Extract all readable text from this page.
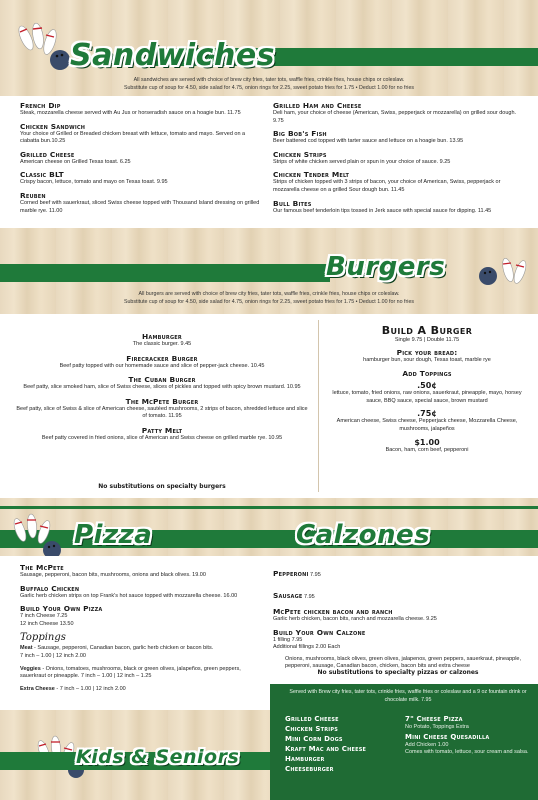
Sandwiches
All sandwiches are served with choice of brew city fries, tater tots, waffle fries, crinkle fries, house chips or coleslaw.
Substitute cup of soup for 4.50, side salad for 4.75, onion rings for 2.25, sweet potato fries for 1.75 • Deduct 1.00 for no fries
French Dip
Steak, mozzarella cheese served with Au Jus or horseradish sauce on a hoagie bun. 11.75
Chicken Sandwich
Your choice of Grilled or Breaded chicken breast with lettuce, tomato and mayo. Served on a ciabatta bun.10.25
Grilled Cheese
American cheese on Grilled Texas toast. 6.25
Classic BLT
Crispy bacon, lettuce, tomato and mayo on Texas toast. 9.95
Reuben
Corned beef with sauerkraut, sliced Swiss cheese topped with Thousand Island dressing on grilled marble rye. 11.00
Grilled Ham and Cheese
Deli ham, your choice of cheese (American, Swiss, pepperjack or mozzarella) on grilled sour dough. 9.75
Big Bob's Fish
Beer battered cod topped with tarter sauce and lettuce on a hoagie bun. 13.95
Chicken Strips
Strips of white chicken served plain or spun in your choice of sauce. 9.25
Chicken Tender Melt
Strips of chicken topped with 3 strips of bacon, your choice of American, Swiss, pepperjack or mozzarella cheese on a grilled Sour dough bun. 11.45
Bull Bites
Our famous beef tenderloin tips tossed in Jerk sauce with special sauce for dipping. 11.45
Burgers
All burgers are served with choice of brew city fries, tater tots, waffle fries, crinkle fries, house chips or coleslaw.
Substitute cup of soup for 4.50, side salad for 4.75, onion rings for 2.25, sweet potato fries for 1.75 • Deduct 1.00 for no fries
Hamburger
The classic burger. 9.45
Firecracker Burger
Beef patty topped with our homemade sauce and slice of pepper-jack cheese. 10.45
The Cuban Burger
Beef patty, slice smoked ham, slice of Swiss cheese, slices of pickles and topped with spicy brown mustard. 10.95
The McPete Burger
Beef patty, slice of Swiss & slice of American cheese, sautéed mushrooms, 2 strips of bacon, shredded lettuce and slice of tomato. 11.95
Patty Melt
Beef patty covered in fried onions, slice of American and Swiss cheese on grilled marble rye. 10.95
No substitutions on specialty burgers
Build A Burger
Single 9.75 | Double 11.75
Pick your bread:
hamburger bun, sour dough, Texas toast, marble rye
Add Toppings
.50¢
lettuce, tomato, fried onions, raw onions, sauerkraut, pineapple, mayo, horsey sauce, BBQ sauce, special sauce, brown mustard
.75¢
American cheese, Swiss cheese, Pepperjack cheese, Mozzarella Cheese, mushrooms, jalapeños
$1.00
Bacon, ham, corn beef, pepperoni
Pizza	Calzones
The McPete
Sausage, pepperoni, bacon bits, mushrooms, onions and black olives. 19.00
Buffalo Chicken
Garlic herb chicken strips on top Frank's hot sauce topped with mozzarella cheese. 16.00
Build Your Own Pizza
7 inch Cheese 7.25
12 inch Cheese 13.50
Toppings
Meat - Sausage, pepperoni, Canadian bacon, garlic herb chicken or bacon bits.
7 inch – 1.00 | 12 inch 2.00
Veggies - Onions, tomatoes, mushrooms, black or green olives, jalapeños, green peppers, sauerkraut or pineapple. 7 inch – 1.00 | 12 inch – 1.25
Extra Cheese - 7 inch – 1.00 | 12 inch 2.00
Pepperoni 7.95
Sausage 7.95
McPete chicken bacon and ranch
Garlic herb chicken, bacon bits, ranch and mozzarella cheese. 9.25
Build Your Own Calzone
1 filling 7.95
Additional fillings 2.00 Each
Onions, mushrooms, black olives, green olives, jalapenos, green peppers, sauerkraut, pineapple, pepperoni, sausage, Canadian bacon, chicken, bacon bits and extra cheese
No substitutions to specialty pizzas or calzones
Kids & Seniors
Served with Brew city fries, tater tots, crinkle fries, waffle fries or coleslaw and a 9 oz fountain drink or chocolate milk. 7.95
Grilled Cheese
Chicken Strips
Mini Corn Dogs
Kraft Mac and Cheese
Hamburger
Cheeseburger
7" Cheese Pizza
No Potato, Toppings Extra
Mini Cheese Quesadilla
Add Chicken 1.00
Comes with tomato, lettuce, sour cream and salsa.
